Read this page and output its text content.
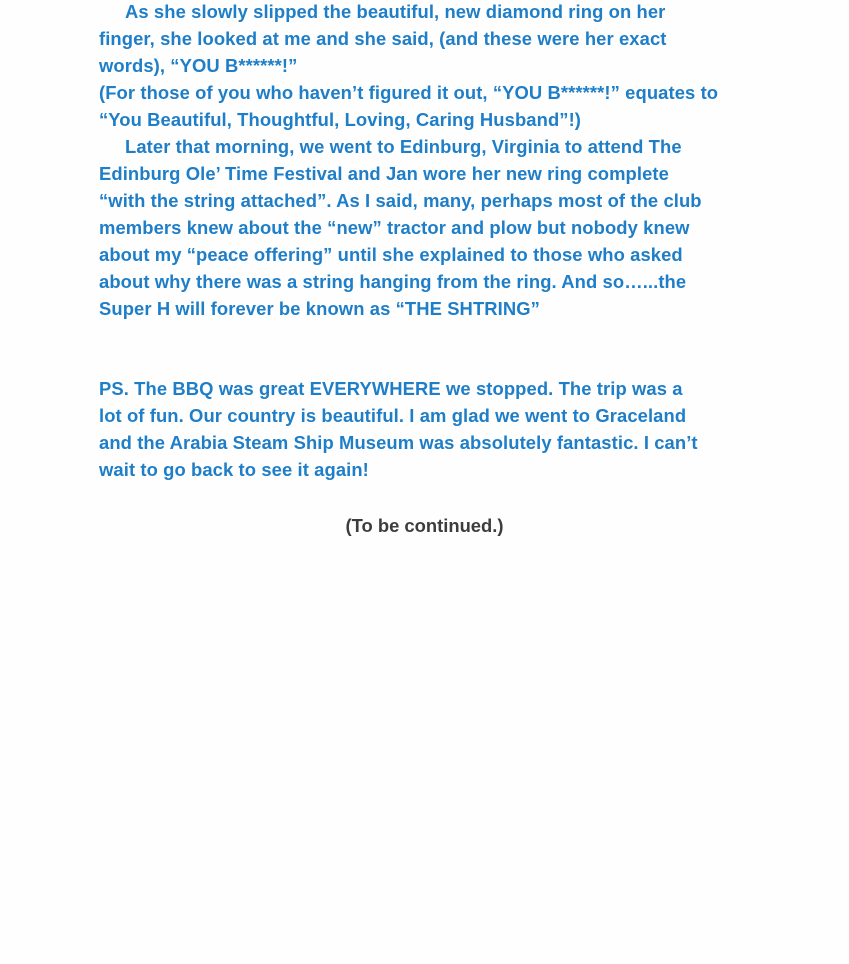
As she slowly slipped the beautiful, new diamond ring on her
finger, she looked at me and she said, (and these were her exact
words), “YOU B******!”
(For those of you who haven’t figured it out, “YOU B******!” equates to
“You Beautiful, Thoughtful, Loving, Caring Husband”!)
Later that morning, we went to Edinburg, Virginia to attend The
Edinburg Ole’ Time Festival and Jan wore her new ring complete
“with the string attached”. As I said, many, perhaps most of the club
members knew about the “new” tractor and plow but nobody knew
about my “peace offering” until she explained to those who asked
about why there was a string hanging from the ring. And so…...the
Super H will forever be known as “THE SHTRING”
PS. The BBQ was great EVERYWHERE we stopped. The trip was a
lot of fun. Our country is beautiful. I am glad we went to Graceland
and the Arabia Steam Ship Museum was absolutely fantastic. I can’t
wait to go back to see it again!
(To be continued.)
